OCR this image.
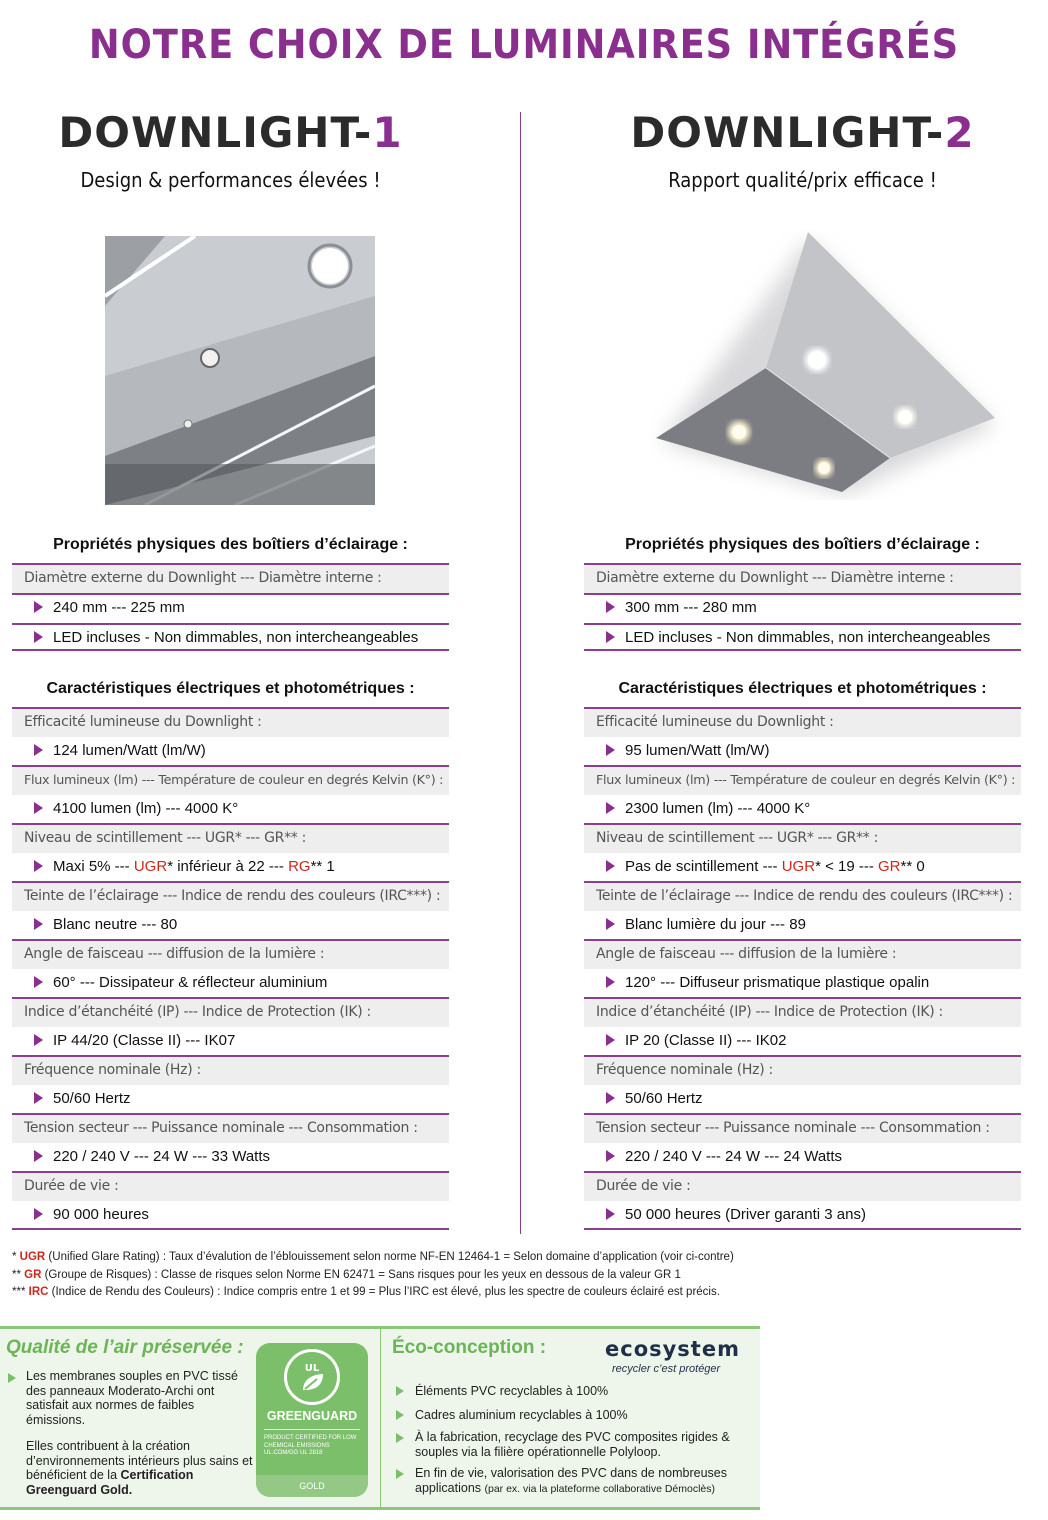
NOTRE CHOIX DE LUMINAIRES INTÉGRÉS
DOWNLIGHT-1
Design & performances élevées !
Propriétés physiques des boîtiers d’éclairage :
Diamètre externe du Downlight --- Diamètre interne :
240 mm --- 225 mm
LED incluses - Non dimmables, non intercheangeables
Caractéristiques électriques et photométriques :
Efficacité lumineuse du Downlight :
124 lumen/Watt (lm/W)
Flux lumineux (lm) --- Température de couleur en degrés Kelvin (K°) :
4100 lumen (lm) --- 4000 K°
Niveau de scintillement --- UGR* --- GR** :
Maxi 5% --- UGR* inférieur à 22 --- RG** 1
Teinte de l’éclairage --- Indice de rendu des couleurs (IRC***) :
Blanc neutre --- 80
Angle de faisceau --- diffusion de la lumière :
60° --- Dissipateur & réflecteur aluminium
Indice d’étanchéité (IP) --- Indice de Protection (IK) :
IP 44/20 (Classe II) --- IK07
Fréquence nominale (Hz) :
50/60 Hertz
Tension secteur --- Puissance nominale --- Consommation :
220 / 240 V --- 24 W --- 33 Watts
Durée de vie :
90 000 heures
DOWNLIGHT-2
Rapport qualité/prix efficace !
Propriétés physiques des boîtiers d’éclairage :
Diamètre externe du Downlight --- Diamètre interne :
300 mm --- 280 mm
LED incluses - Non dimmables, non intercheangeables
Caractéristiques électriques et photométriques :
Efficacité lumineuse du Downlight :
95 lumen/Watt (lm/W)
Flux lumineux (lm) --- Température de couleur en degrés Kelvin (K°) :
2300 lumen (lm) --- 4000 K°
Niveau de scintillement --- UGR* --- GR** :
Pas de scintillement --- UGR* < 19 --- GR** 0
Teinte de l’éclairage --- Indice de rendu des couleurs (IRC***) :
Blanc lumière du jour --- 89
Angle de faisceau --- diffusion de la lumière :
120° --- Diffuseur prismatique plastique opalin
Indice d’étanchéité (IP) --- Indice de Protection (IK) :
IP 20 (Classe II) --- IK02
Fréquence nominale (Hz) :
50/60 Hertz
Tension secteur --- Puissance nominale --- Consommation :
220 / 240 V --- 24 W --- 24 Watts
Durée de vie :
50 000 heures (Driver garanti 3 ans)
* UGR (Unified Glare Rating) : Taux d’évalution de l’éblouissement selon norme NF-EN 12464-1 = Selon domaine d’application (voir ci-contre)
** GR (Groupe de Risques) : Classe de risques selon Norme EN 62471 = Sans risques pour les yeux en dessous de la valeur GR 1
*** IRC (Indice de Rendu des Couleurs) : Indice compris entre 1 et 99 = Plus l’IRC est élevé, plus les spectre de couleurs éclairé est précis.
Qualité de l’air préservée :

Les membranes souples en PVC tissé des panneaux Moderato-Archi ont satisfait aux normes de faibles émissions.

Elles contribuent à la création d’environnements intérieurs plus sains et bénéficient de la Certification Greenguard Gold.

UL
GREENGUARD
PRODUCT CERTIFIED FOR LOW CHEMICAL EMISSIONS UL.COM/GG UL 2818
GOLD
Éco-conception :	ecosystem
recycler c’est protéger
Éléments PVC recyclables à 100%
Cadres aluminium recyclables à 100%
À la fabrication, recyclage des PVC composites rigides & souples via la filière opérationnelle Polyloop.
En fin de vie, valorisation des PVC dans de nombreuses applications (par ex. via la plateforme collaborative Démoclès)
